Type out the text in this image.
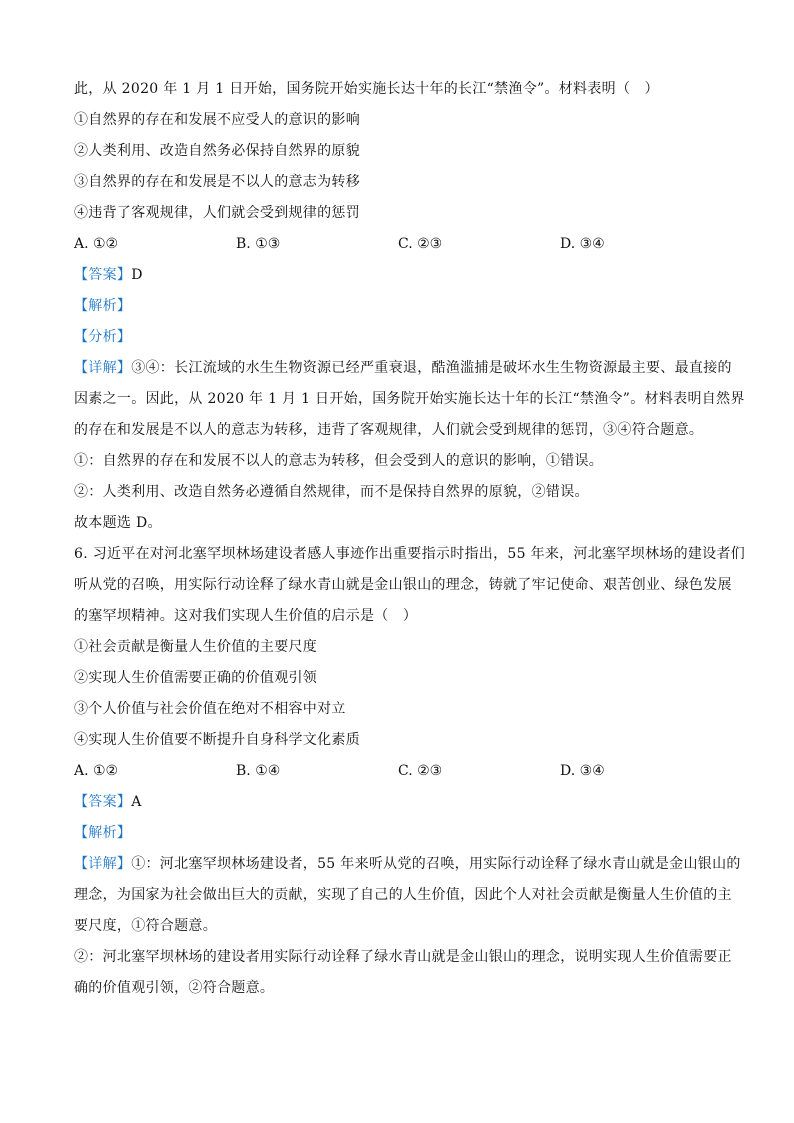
此，从 2020 年 1 月 1 日开始，国务院开始实施长达十年的长江“禁渔令”。材料表明（　）
①自然界的存在和发展不应受人的意识的影响
②人类利用、改造自然务必保持自然界的原貌
③自然界的存在和发展是不以人的意志为转移
④违背了客观规律，人们就会受到规律的惩罚
A. ①②	B. ①③	C. ②③	D. ③④
【答案】D
【解析】
【分析】
【详解】③④：长江流域的水生生物资源已经严重衰退，酷渔滥捕是破坏水生生物资源最主要、最直接的
因素之一。因此，从 2020 年 1 月 1 日开始，国务院开始实施长达十年的长江“禁渔令”。材料表明自然界
的存在和发展是不以人的意志为转移，违背了客观规律，人们就会受到规律的惩罚，③④符合题意。
①：自然界的存在和发展不以人的意志为转移，但会受到人的意识的影响，①错误。
②：人类利用、改造自然务必遵循自然规律，而不是保持自然界的原貌，②错误。
故本题选 D。
6. 习近平在对河北塞罕坝林场建设者感人事迹作出重要指示时指出，55 年来，河北塞罕坝林场的建设者们
听从党的召唤，用实际行动诠释了绿水青山就是金山银山的理念，铸就了牢记使命、艰苦创业、绿色发展
的塞罕坝精神。这对我们实现人生价值的启示是（　）
①社会贡献是衡量人生价值的主要尺度
②实现人生价值需要正确的价值观引领
③个人价值与社会价值在绝对不相容中对立
④实现人生价值要不断提升自身科学文化素质
A. ①②	B. ①④	C. ②③	D. ③④
【答案】A
【解析】
【详解】①：河北塞罕坝林场建设者，55 年来听从党的召唤，用实际行动诠释了绿水青山就是金山银山的
理念，为国家为社会做出巨大的贡献，实现了自己的人生价值，因此个人对社会贡献是衡量人生价值的主
要尺度，①符合题意。
②：河北塞罕坝林场的建设者用实际行动诠释了绿水青山就是金山银山的理念，说明实现人生价值需要正
确的价值观引领，②符合题意。
